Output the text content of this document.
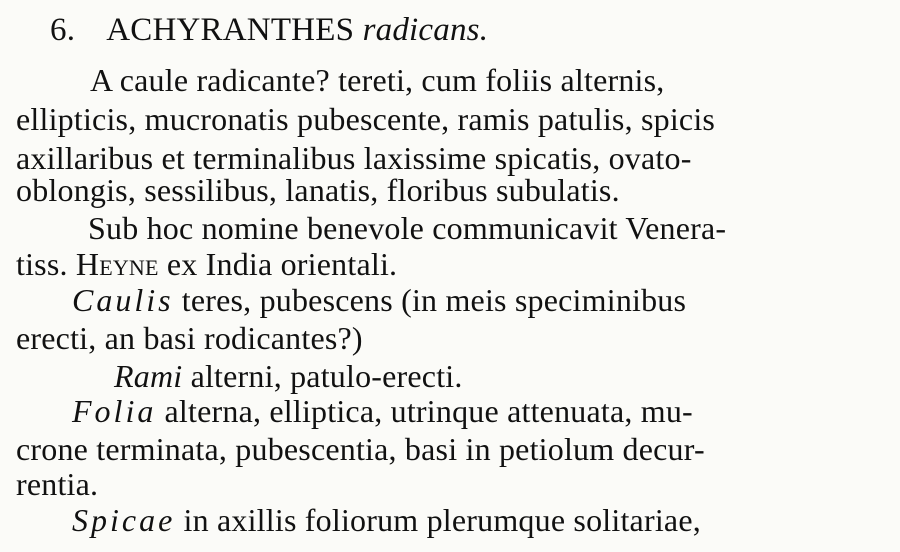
6. ACHYRANTHES radicans.
A caule radicante? tereti, cum foliis alternis,
ellipticis, mucronatis pubescente, ramis patulis, spicis
axillaribus et terminalibus laxissime spicatis, ovato-
oblongis, sessilibus, lanatis, floribus subulatis.
Sub hoc nomine benevole communicavit Venera-
tiss. Heyne ex India orientali.
Caulis teres, pubescens (in meis speciminibus
erecti, an basi rodicantes?)
Rami alterni, patulo-erecti.
Folia alterna, elliptica, utrinque attenuata, mu-
crone terminata, pubescentia, basi in petiolum decur-
rentia.
Spicae in axillis foliorum plerumque solitariae,
